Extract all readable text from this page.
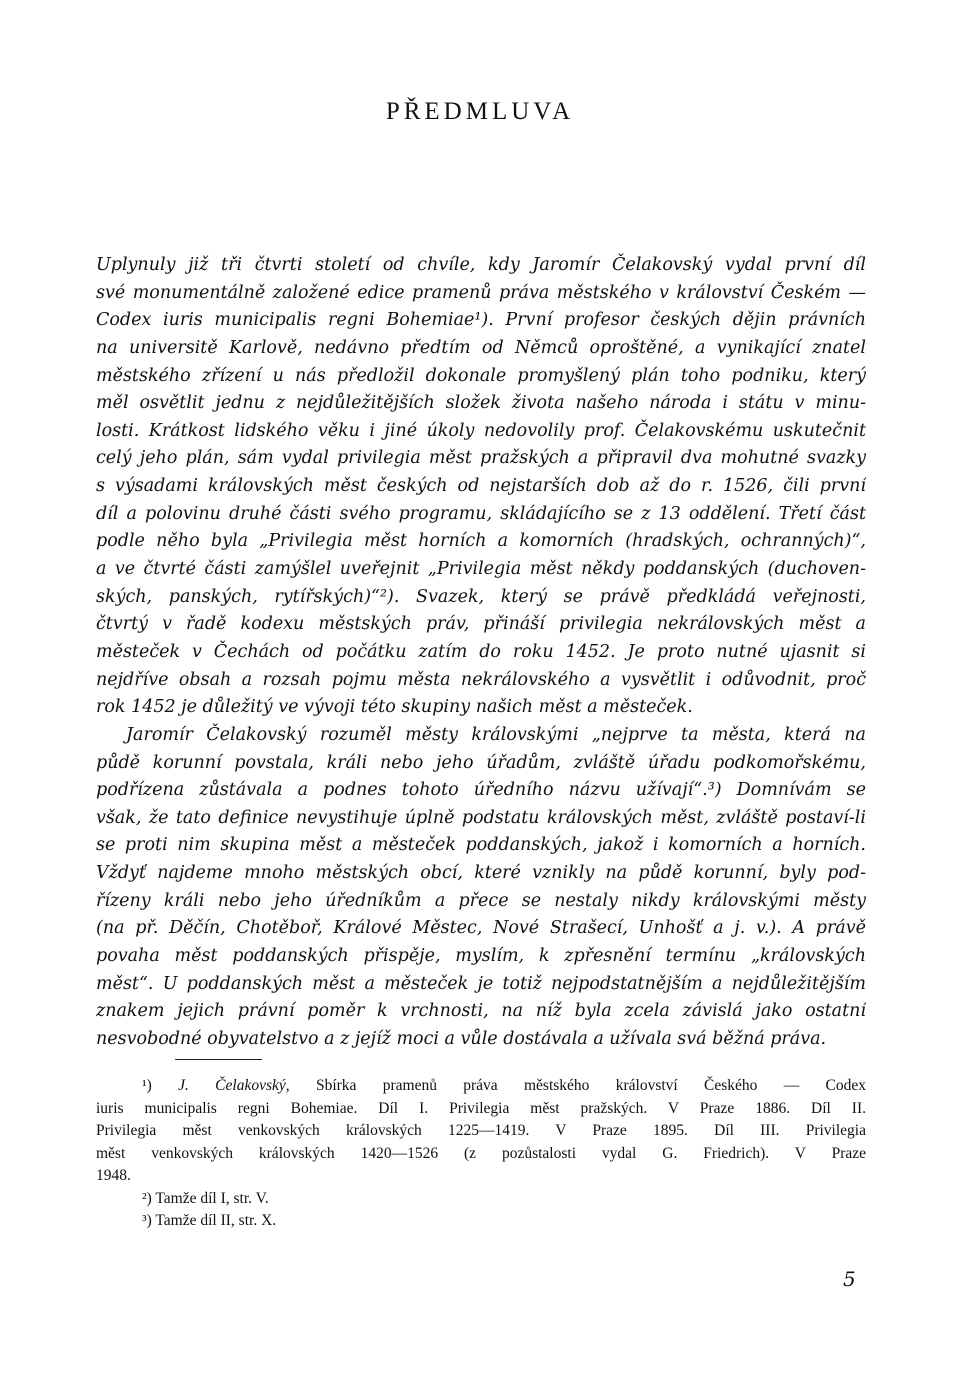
PŘEDMLUVA
Uplynuly již tři čtvrti století od chvíle, kdy Jaromír Čelakovský vydal první díl
své monumentálně založené edice pramenů práva městského v království Českém —
Codex iuris municipalis regni Bohemiae¹). První profesor českých dějin právních
na universitě Karlově, nedávno předtím od Němců oproštěné, a vynikající znatel
městského zřízení u nás předložil dokonale promyšlený plán toho podniku, který
měl osvětlit jednu z nejdůležitějších složek života našeho národa i státu v minu-
losti. Krátkost lidského věku i jiné úkoly nedovolily prof. Čelakovskému uskutečnit
celý jeho plán, sám vydal privilegia měst pražských a připravil dva mohutné svazky
s výsadami královských měst českých od nejstarších dob až do r. 1526, čili první
díl a polovinu druhé části svého programu, skládajícího se z 13 oddělení. Třetí část
podle něho byla „Privilegia měst horních a komorních (hradských, ochranných)“,
a ve čtvrté části zamýšlel uveřejnit „Privilegia měst někdy poddanských (duchoven-
ských, panských, rytířských)“²). Svazek, který se právě předkládá veřejnosti,
čtvrtý v řadě kodexu městských práv, přináší privilegia nekrálovských měst a
městeček v Čechách od počátku zatím do roku 1452. Je proto nutné ujasnit si
nejdříve obsah a rozsah pojmu města nekrálovského a vysvětlit i odůvodnit, proč
rok 1452 je důležitý ve vývoji této skupiny našich měst a městeček.
Jaromír Čelakovský rozuměl městy královskými „nejprve ta města, která na
půdě korunní povstala, králi nebo jeho úřadům, zvláště úřadu podkomořskému,
podřízena zůstávala a podnes tohoto úředního názvu užívají“.³) Domnívám se
však, že tato definice nevystihuje úplně podstatu královských měst, zvláště postaví-li
se proti nim skupina měst a městeček poddanských, jakož i komorních a horních.
Vždyť najdeme mnoho městských obcí, které vznikly na půdě korunní, byly pod-
řízeny králi nebo jeho úředníkům a přece se nestaly nikdy královskými městy
(na př. Děčín, Chotěboř, Králové Městec, Nové Strašecí, Unhošť a j. v.). A právě
povaha měst poddanských přispěje, myslím, k zpřesnění termínu „královských
měst“. U poddanských měst a městeček je totiž nejpodstatnějším a nejdůležitějším
znakem jejich právní poměr k vrchnosti, na níž byla zcela závislá jako ostatní
nesvobodné obyvatelstvo a z jejíž moci a vůle dostávala a užívala svá běžná práva.
¹) J. Čelakovský, Sbírka pramenů práva městského království Českého — Codex
iuris municipalis regni Bohemiae. Díl I. Privilegia měst pražských. V Praze 1886. Díl II.
Privilegia měst venkovských královských 1225—1419. V Praze 1895. Díl III. Privilegia
měst venkovských královských 1420—1526 (z pozůstalosti vydal G. Friedrich). V Praze
1948.
²) Tamže díl I, str. V.
³) Tamže díl II, str. X.
5
